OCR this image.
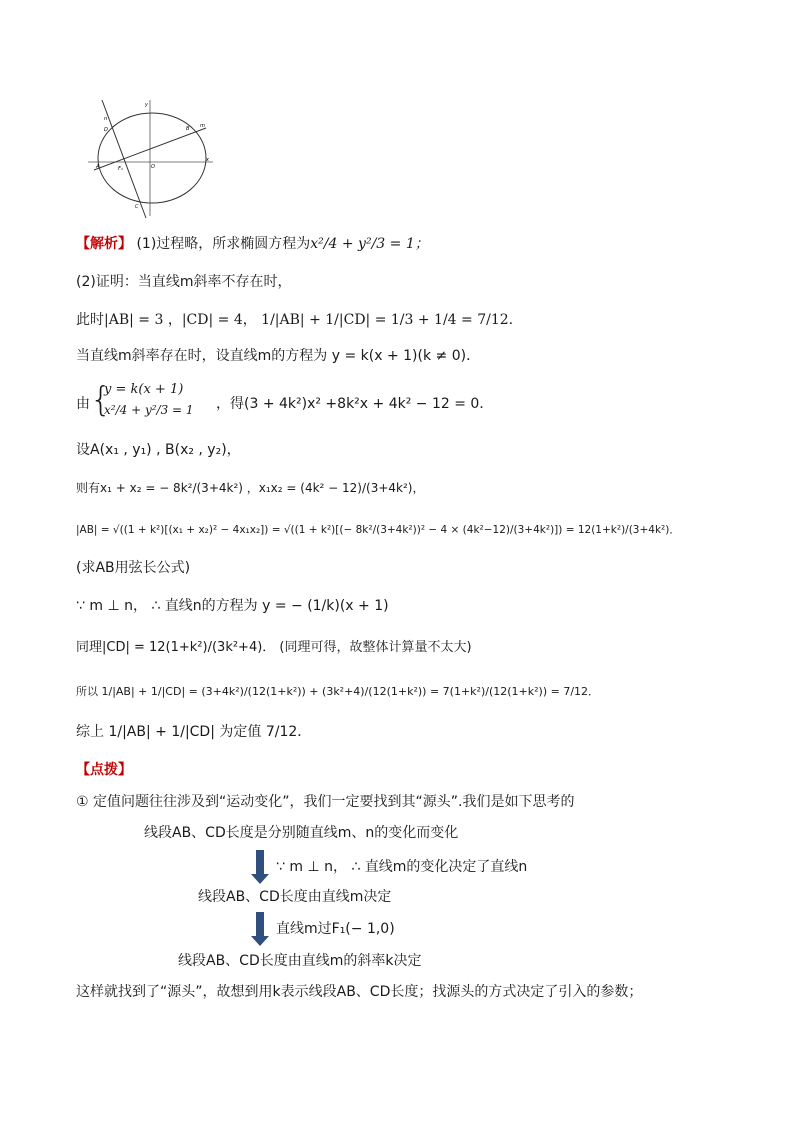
y
x
m
B
D
A	F₁
C
n
O
【解析】 (1)过程略，所求椭圆方程为x²/4 + y²/3 = 1；
(2)证明：当直线m斜率不存在时，
此时|AB| = 3 ，|CD| = 4， 1/|AB| + 1/|CD| = 1/3 + 1/4 = 7/12.
当直线m斜率存在时，设直线m的方程为 y = k(x + 1)(k ≠ 0)．
由 {
y = k(x + 1)
x²/4 + y²/3 = 1 ，得(3 + 4k²)x² +8k²x + 4k² − 12 = 0．
设A(x₁ , y₁) , B(x₂ , y₂)，
则有x₁ + x₂ = − 8k²/(3+4k²) ，x₁x₂ = (4k² − 12)/(3+4k²)，
|AB| = √((1 + k²)[(x₁ + x₂)² − 4x₁x₂]) = √((1 + k²)[(− 8k²/(3+4k²))² − 4 × (4k²−12)/(3+4k²)]) = 12(1+k²)/(3+4k²)．
(求AB用弦长公式)
∵ m ⊥ n， ∴ 直线n的方程为 y = − (1/k)(x + 1)
同理|CD| = 12(1+k²)/(3k²+4)． (同理可得，故整体计算量不太大)
所以 1/|AB| + 1/|CD| = (3+4k²)/(12(1+k²)) + (3k²+4)/(12(1+k²)) = 7(1+k²)/(12(1+k²)) = 7/12．
综上 1/|AB| + 1/|CD| 为定值 7/12．
【点拨】
① 定值问题往往涉及到“运动变化”，我们一定要找到其“源头”.我们是如下思考的
线段AB、CD长度是分别随直线m、n的变化而变化
∵ m ⊥ n， ∴ 直线m的变化决定了直线n
线段AB、CD长度由直线m决定
直线m过F₁(− 1,0)
线段AB、CD长度由直线m的斜率k决定
这样就找到了“源头”，故想到用k表示线段AB、CD长度；找源头的方式决定了引入的参数；
